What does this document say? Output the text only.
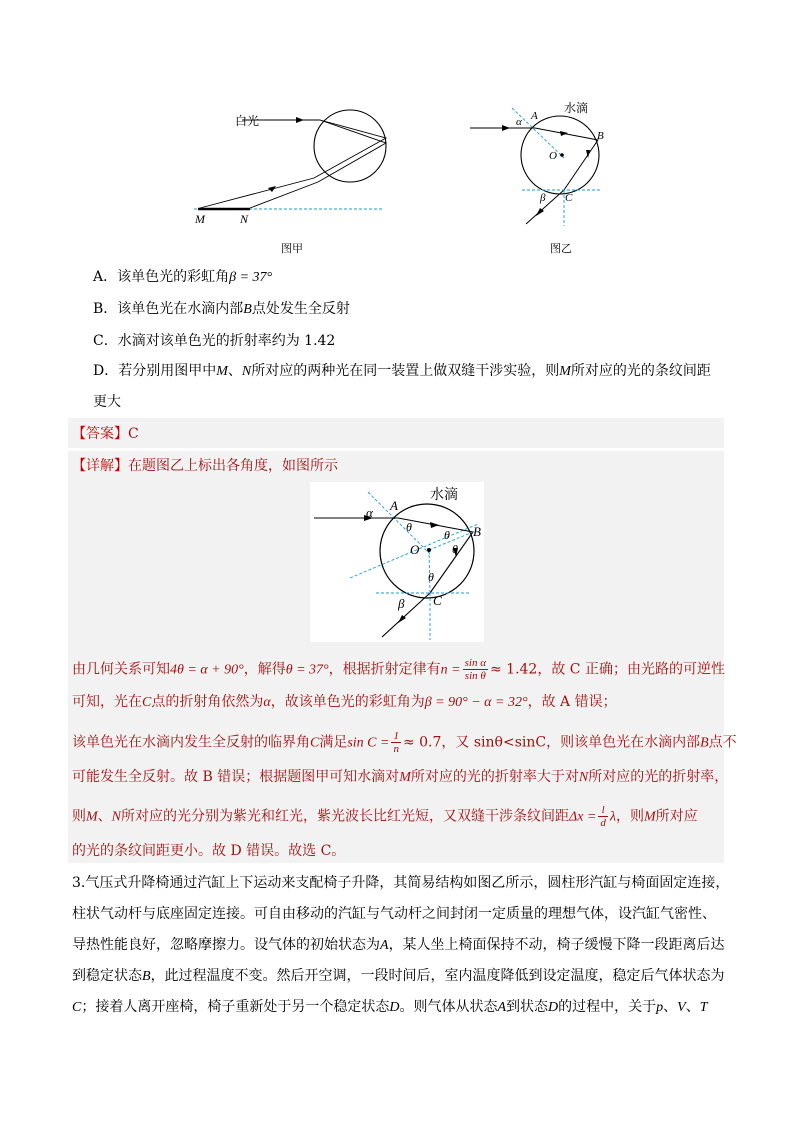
白光
M	N
图甲
水滴
A
B
O
C
α
β
图乙
A．该单色光的彩虹角β = 37°
B．该单色光在水滴内部B点处发生全反射
C．水滴对该单色光的折射率约为 1.42
D．若分别用图甲中M、N所对应的两种光在同一装置上做双缝干涉实验，则M所对应的光的条纹间距
更大
【答案】C
【详解】在题图乙上标出各角度，如图所示
水滴
A
α
θ	B
θ
θ
O
θ
C
β
由几何关系可知4θ = α + 90°，解得θ = 37°，根据折射定律有$n = \frac{\text{sin α}}{\text{sin θ}} \approx 1.42$，故 C 正确；由光路的可逆性
可知，光在C点的折射角依然为α，故该单色光的彩虹角为β = 90° − α = 32°，故 A 错误；
该单色光在水滴内发生全反射的临界角C满足$\sin C = \frac{1}{n} \approx 0.7$，又 sinθ<sinC，则该单色光在水滴内部B点不
可能发生全反射。故 B 错误；根据题图甲可知水滴对M所对应的光的折射率大于对N所对应的光的折射率，
则M、N所对应的光分别为紫光和红光，紫光波长比红光短，又双缝干涉条纹间距$\Delta x = \frac{l}{d}$ λ，则M所对应
的光的条纹间距更小。故 D 错误。故选 C。
3.气压式升降椅通过汽缸上下运动来支配椅子升降，其简易结构如图乙所示，圆柱形汽缸与椅面固定连接，
柱状气动杆与底座固定连接。可自由移动的汽缸与气动杆之间封闭一定质量的理想气体，设汽缸气密性、
导热性能良好，忽略摩擦力。设气体的初始状态为A，某人坐上椅面保持不动，椅子缓慢下降一段距离后达
到稳定状态B，此过程温度不变。然后开空调，一段时间后，室内温度降低到设定温度，稳定后气体状态为
C；接着人离开座椅，椅子重新处于另一个稳定状态D。则气体从状态A到状态D的过程中，关于p、V、T
